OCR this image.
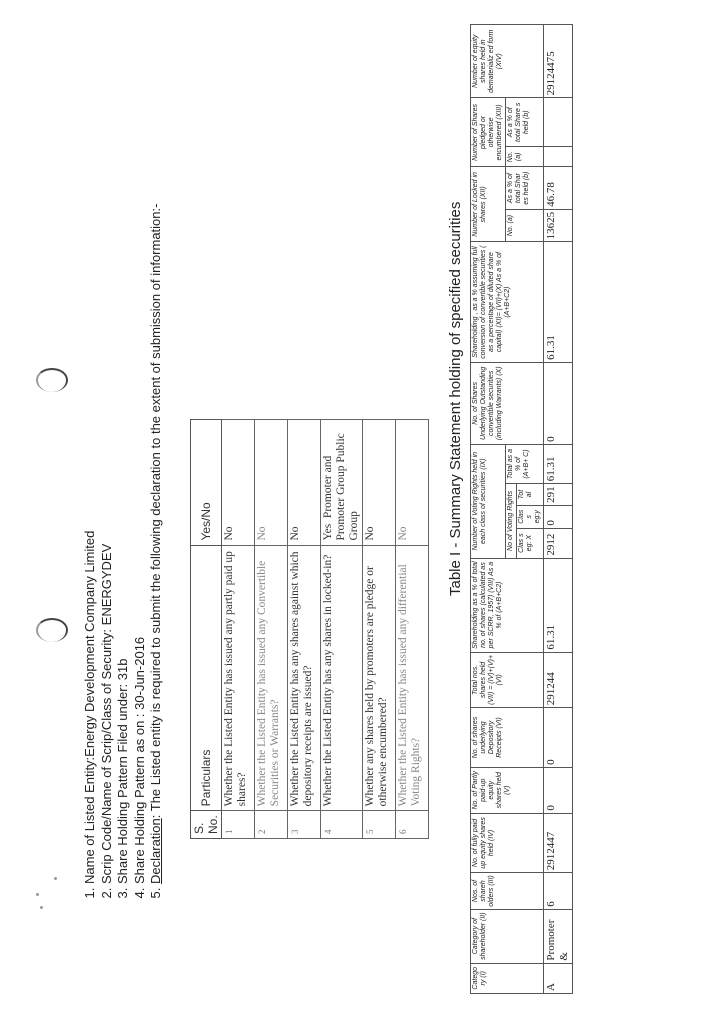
1. Name of Listed Entity:Energy Development Company Limited 2. Scrip Code/Name of Scrip/Class of Security: ENERGYDEV 3. Share Holding Pattern Filed under: 31b 4. Share Holding Pattern as on : 30-Jun-2016 5. Declaration: The Listed entity is required to submit the following declaration to the extent of submission of information:-
S. No.	Particulars	Yes/No
1	Whether the Listed Entity has issued any partly paid up shares?	No
2	Whether the Listed Entity has issued any Convertible Securities or Warrants?	No
3	Whether the Listed Entity has any shares against which depository receipts are issued?	No
4	Whether the Listed Entity has any shares in locked-in?	Yes  Promoter and Promoter Group Public Group
5	Whether any shares held by promoters are pledge or otherwise encumbered?	No
6	Whether the Listed Entity has issued any differential Voting Rights?	No	Table I - Summary Statement holding of specified securities
Catego ry (I)	Category of shareholder (II)	Nos. of shareh olders (III)	No. of fully paid up equity shares held (IV)	No. of Partly paid-up equity shares held (V)	No. of shares underlying Depository Receipts (VI)	Total nos. shares held (VII) = (IV)+(V)+ (VI)	Shareholding as a % of total no. of shares (calculated as per SCRR, 1957) (VIII) As a % of (A+B+C2)	Number of Voting Rights held in each class of securities (IX)				No. of Shares Underlying Outstanding convertible securities (including Warrants) (X)	Shareholding , as a % assuming full conversion of convertible securities ( as a percentage of diluted share capital) (XI)= (VII)+(X) As a % of (A+B+C2)	Number of Locked in shares (XII)		Number of Shares pledged or otherwise encumbered (XIII)		Number of equity shares held in dematerializ ed form (XIV)
								No of Voting Rights			Total as a % of (A+B+ C)			No. (a)	As a % of total Shar es held (b)	No. (a)	As a % of total Share s held (b)	
								Clas s eg: X	Clas s eg:y	Tot al								
A	Promoter &	6	2912447	0	0	291244	61.31	2912	0	291	61.31	0	61.31	13625	46.78			29124475
